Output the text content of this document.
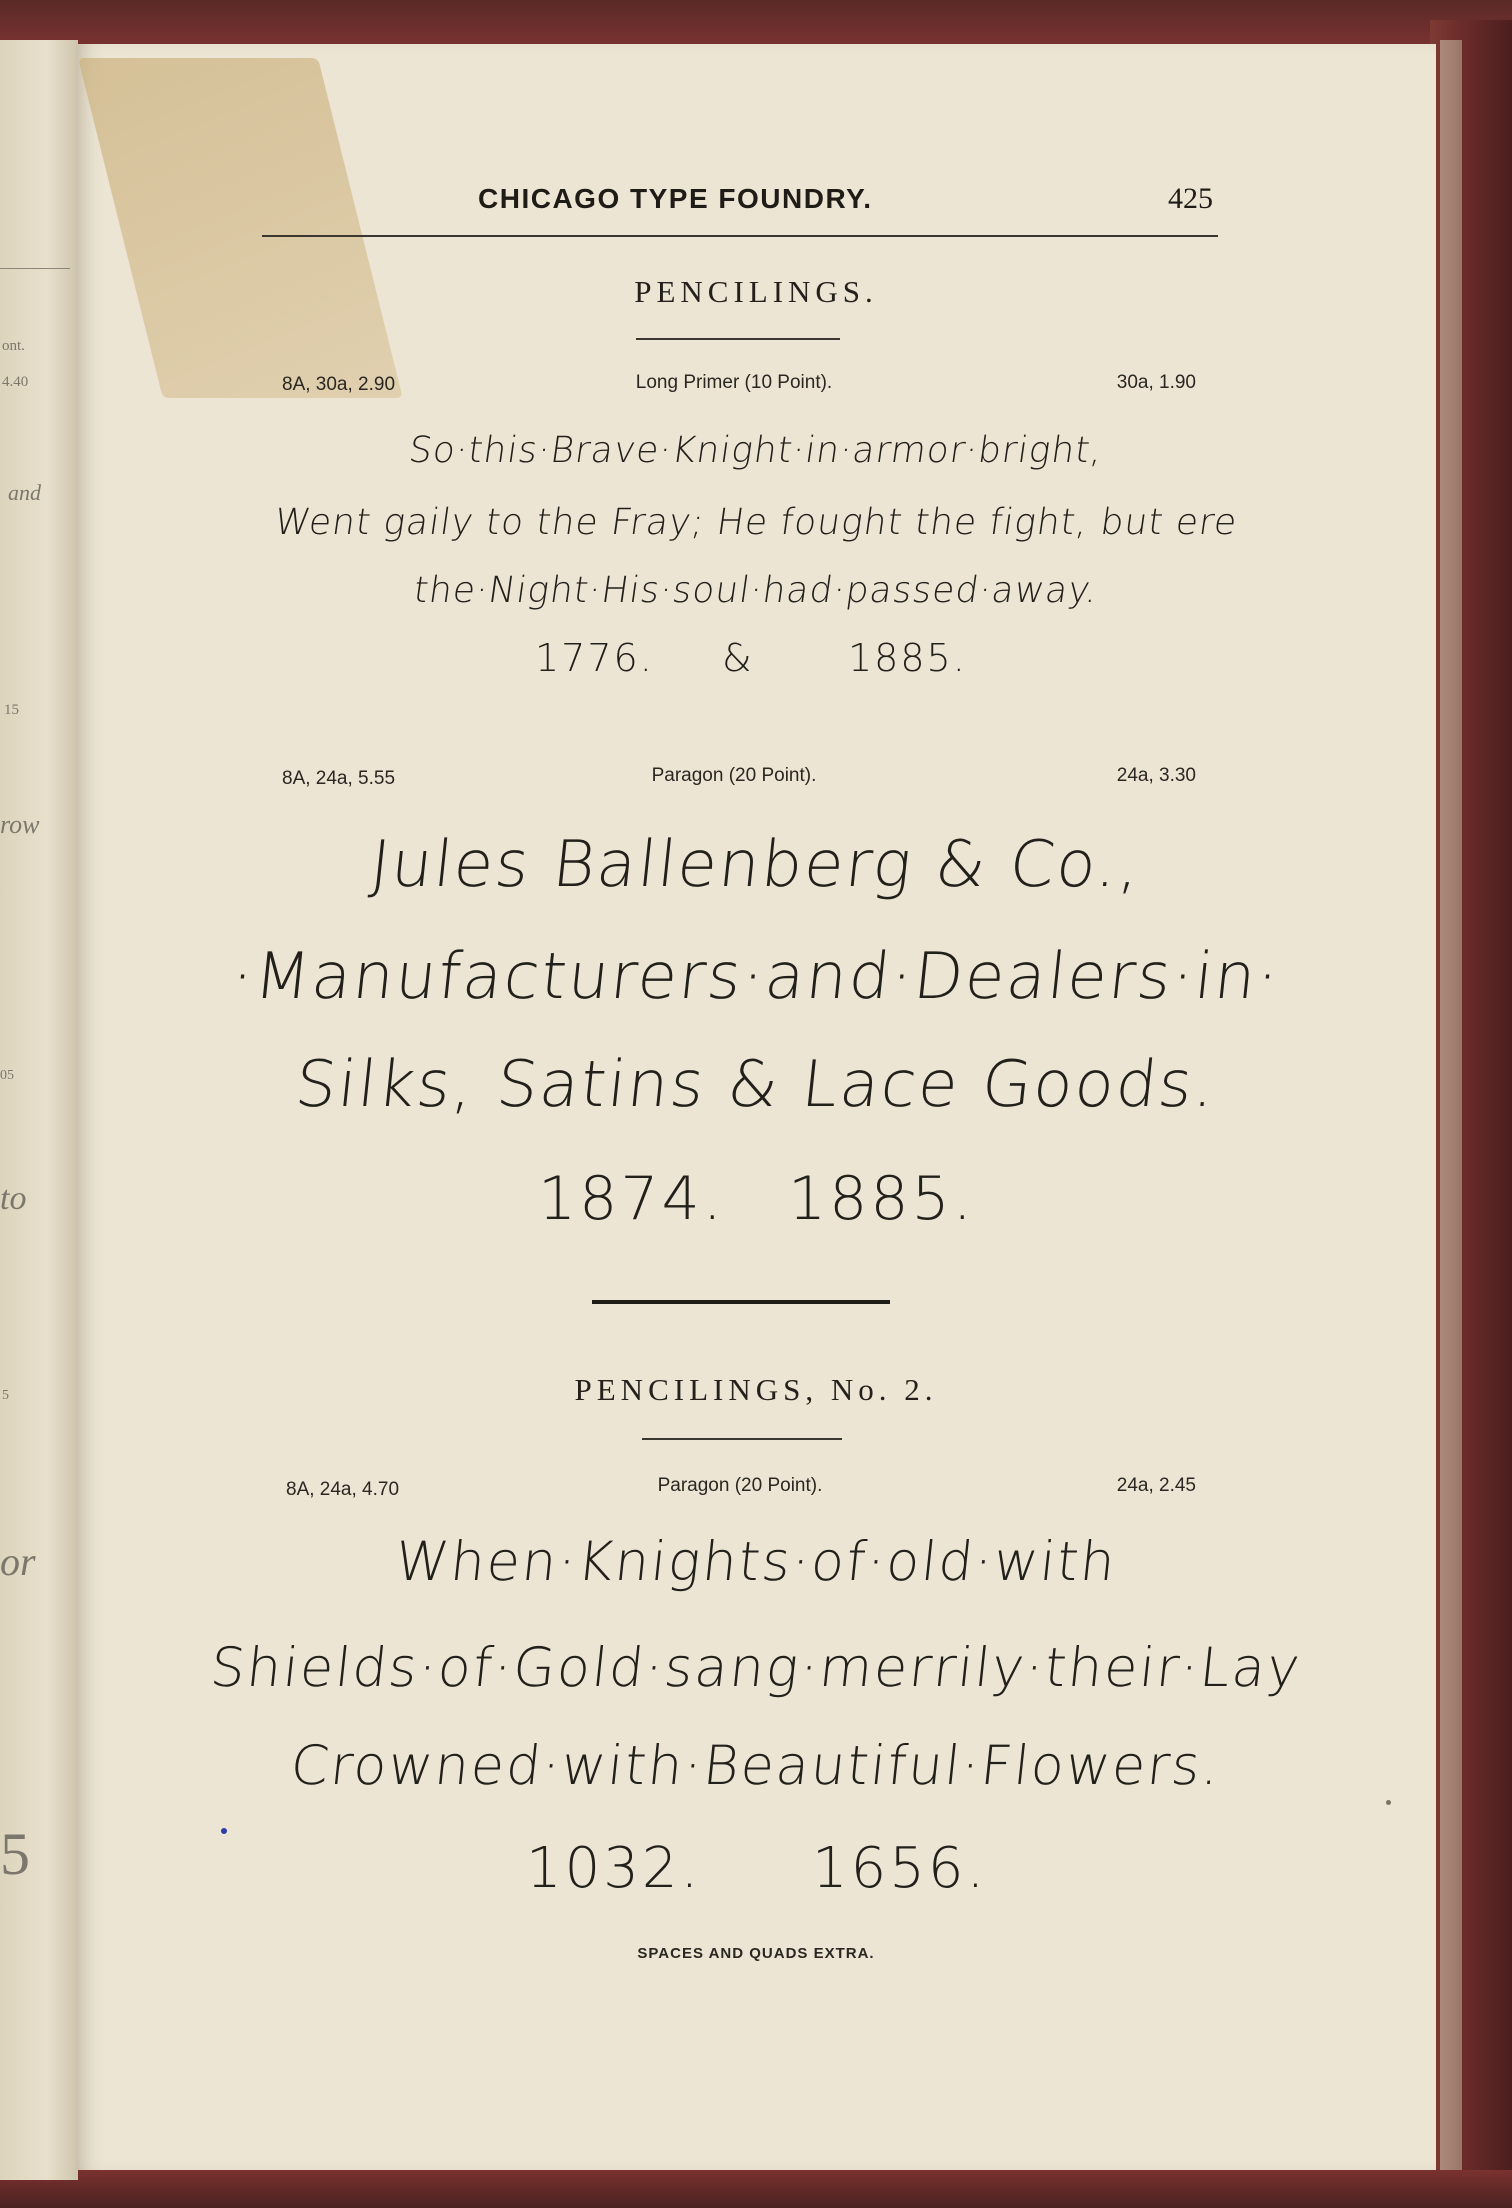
ont.
4.40
and
15
row
05
to
5
or
5
CHICAGO TYPE FOUNDRY.	425
PENCILINGS.
8A, 30a, 2.90	Long Primer (10 Point).	30a, 1.90
So·this·Brave·Knight·in·armor·bright,
Went gaily to the Fray; He fought the fight, but ere
the·Night·His·soul·had·passed·away.
1776. & 1885.
8A, 24a, 5.55	Paragon (20 Point).	24a, 3.30
Jules Ballenberg & Co.,
·Manufacturers·and·Dealers·in·
Silks, Satins & Lace Goods.
1874. 1885.
PENCILINGS, No. 2.
8A, 24a, 4.70	Paragon (20 Point).	24a, 2.45
When·Knights·of·old·with
Shields·of·Gold·sang·merrily·their·Lay
Crowned·with·Beautiful·Flowers.
1032. 1656.
SPACES AND QUADS EXTRA.
